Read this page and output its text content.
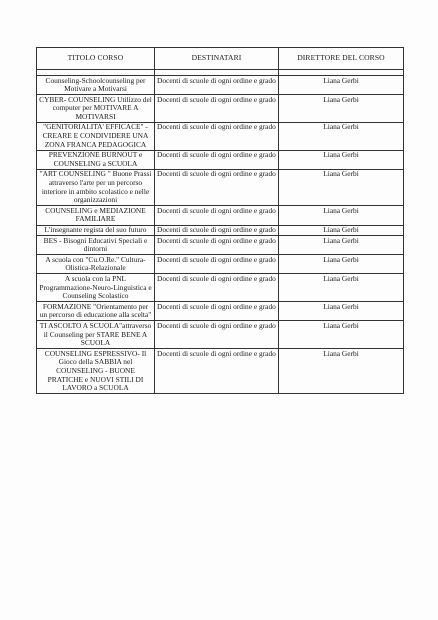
TITOLO CORSO	DESTINATARI	DIRETTORE DEL CORSO

Counseling-Schoolcounseling per Motivare a Motivarsi	Docenti di scuole di ogni ordine e grado	Liana Gerbi
CYBER- COUNSELING Utilizzo del computer per MOTIVARE A MOTIVARSI	Docenti di scuole di ogni ordine e grado	Liana Gerbi
"GENITORIALITA' EFFICACE" -CREARE E CONDIVIDERE UNA ZONA FRANCA PEDAGOGICA	Docenti di scuole di ogni ordine e grado	Liana Gerbi
PREVENZIONE BURNOUT e COUNSELING a SCUOLA	Docenti di scuole di ogni ordine e grado	Liana Gerbi
"ART COUNSELING " Buone Prassi attraverso l'arte per un percorso interiore in ambito scolastico e nelle organizzazioni	Docenti di scuole di ogni ordine e grado	Liana Gerbi
COUNSELING e MEDIAZIONE FAMILIARE	Docenti di scuole di ogni ordine e grado	Liana Gerbi
L'insegnante regista del suo futuro	Docenti di scuole di ogni ordine e grado	Liana Gerbi
BES - Bisogni Educativi Speciali e dintorni	Docenti di scuole di ogni ordine e grado	Liana Gerbi
A scuola con "Cu.O.Re." Cultura-Olistica-Relazionale	Docenti di scuole di ogni ordine e grado	Liana Gerbi
A scuola con la PNL Programmazione-Neuro-Linguistica e Counseling Scolastico	Docenti di scuole di ogni ordine e grado	Liana Gerbi
FORMAZIONE "Orientamento per un percorso di educazione alla scelta"	Docenti di scuole di ogni ordine e grado	Liana Gerbi
TI ASCOLTO A SCUOLA"attraverso il Counseling per STARE BENE A SCUOLA	Docenti di scuole di ogni ordine e grado	Liana Gerbi
COUNSELING ESPRESSIVO- Il Gioco della SABBIA nel COUNSELING - BUONE PRATICHE e NUOVI STILI DI LAVORO a SCUOLA	Docenti di scuole di ogni ordine e grado	Liana Gerbi
